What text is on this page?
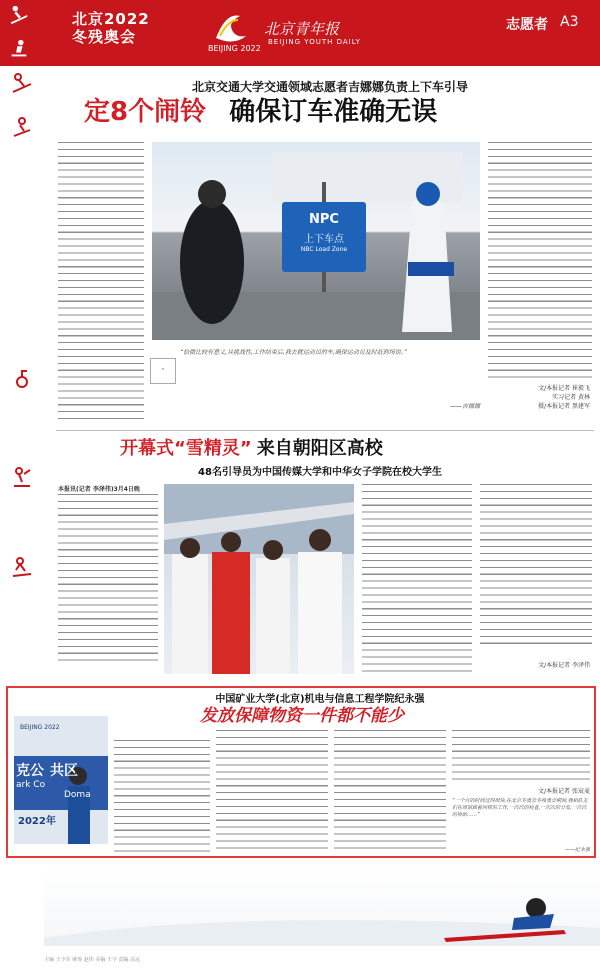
北京2022
冬残奥会
BEIJING 2022
北京青年报
BEIJING YOUTH DAILY
志愿者 A3
北京交通大学交通领域志愿者吉娜娜负责上下车引导
定8个闹铃 确保订车准确无误
NPC
上下车点
NBC Load Zone
“
“恰微比较有意义,具挑战性,工作结束后,我去就运动员的车,确保运动员及时赶到场馆。”
——吉娜娜
文/本报记者 崔毅飞
实习记者 黄林
摄/本报记者 黑建军
开幕式“雪精灵” 来自朝阳区高校
48名引导员为中国传媒大学和中华女子学院在校大学生
本报讯(记者 李泽伟)3月4日晚
文/本报记者 李泽伟
中国矿业大学(北京)机电与信息工程学院纪永强
发放保障物资一件都不能少
BEIJING 2022
克公 共区
ark Co
Doma
2022年
文/本报记者 张宸麦
“一个月的时间过得很快,在北京冬奥会冬残奥会期间,我和队友们在场馆做着同样的工作,一次次的检查,一次次的分发,一次次的协助……”
——纪永强
主编 王少军 统筹 赵伟 美编 王宇 责编 高远
